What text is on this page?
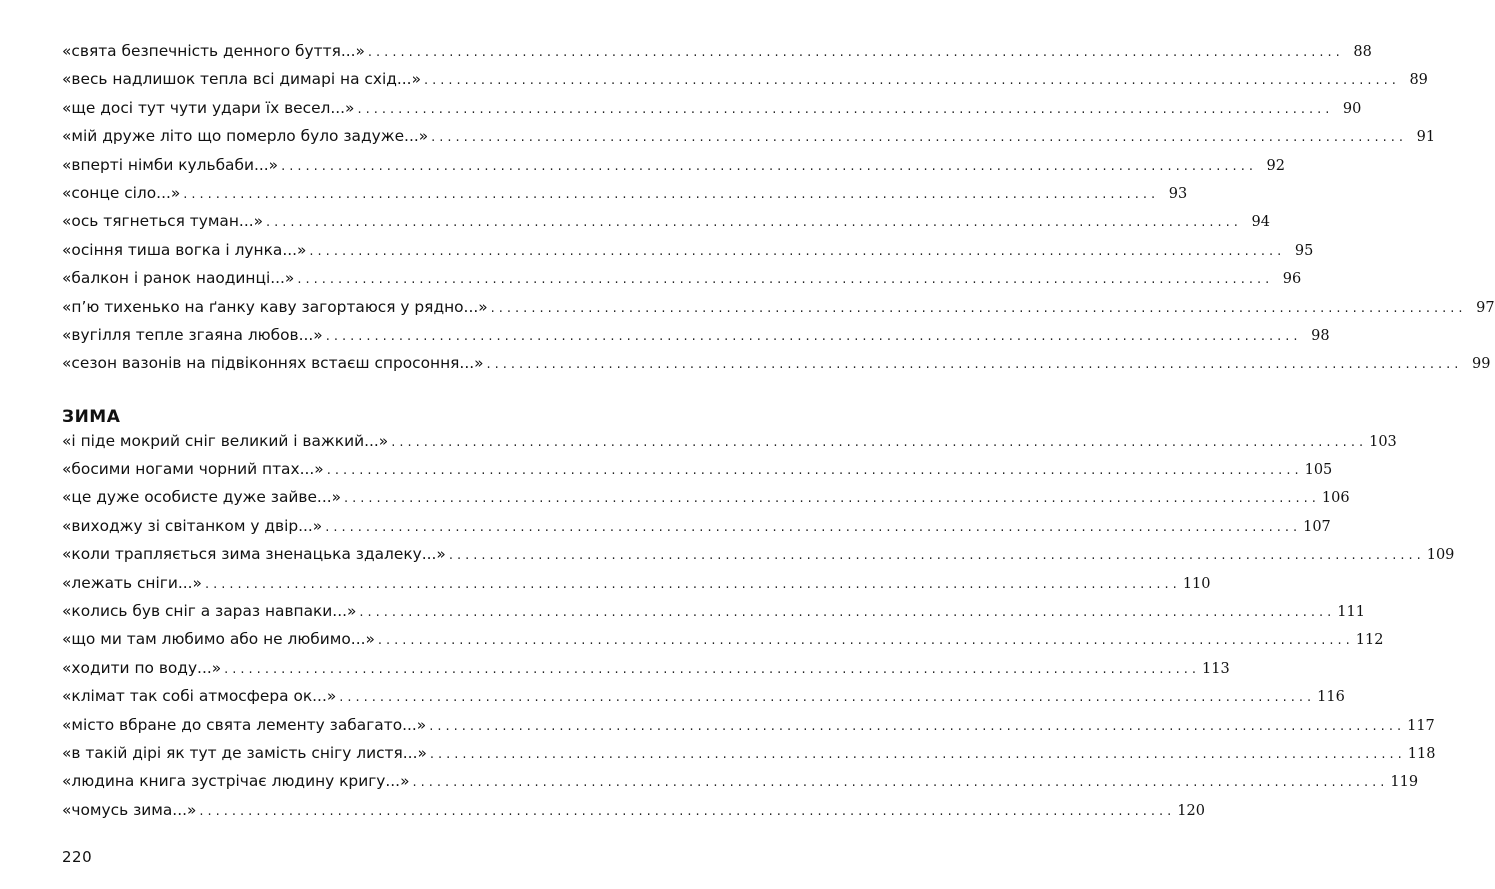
«свята безпечність денного буття...» ........................................................................................................................ 88
«весь надлишок тепла всі димарі на схід...» ........................................................................................................................ 89
«ще досі тут чути удари їх весел...» ........................................................................................................................ 90
«мій друже літо що померло було задуже...» ........................................................................................................................ 91
«вперті німби кульбаби...» ........................................................................................................................ 92
«сонце сіло...» ........................................................................................................................ 93
«ось тягнеться туман...» ........................................................................................................................ 94
«осіння тиша вогка і лунка...» ........................................................................................................................ 95
«балкон і ранок наодинці...» ........................................................................................................................ 96
«п’ю тихенько на ґанку каву загортаюся у рядно...» ........................................................................................................................ 97
«вугілля тепле згаяна любов...» ........................................................................................................................ 98
«сезон вазонів на підвіконнях встаєш спросоння...» ........................................................................................................................ 99
ЗИМА
«і піде мокрий сніг великий і важкий...» ........................................................................................................................ 103
«босими ногами чорний птах...» ........................................................................................................................ 105
«це дуже особисте дуже зайве...» ........................................................................................................................ 106
«виходжу зі світанком у двір...» ........................................................................................................................ 107
«коли трапляється зима зненацька здалеку...» ........................................................................................................................ 109
«лежать сніги...» ........................................................................................................................ 110
«колись був сніг а зараз навпаки...» ........................................................................................................................ 111
«що ми там любимо або не любимо...» ........................................................................................................................ 112
«ходити по воду...» ........................................................................................................................ 113
«клімат так собі атмосфера ок...» ........................................................................................................................ 116
«місто вбране до свята лементу забагато...» ........................................................................................................................ 117
«в такій дірі як тут де замість снігу листя...» ........................................................................................................................ 118
«людина книга зустрічає людину кригу...» ........................................................................................................................ 119
«чомусь зима...» ........................................................................................................................ 120
220
